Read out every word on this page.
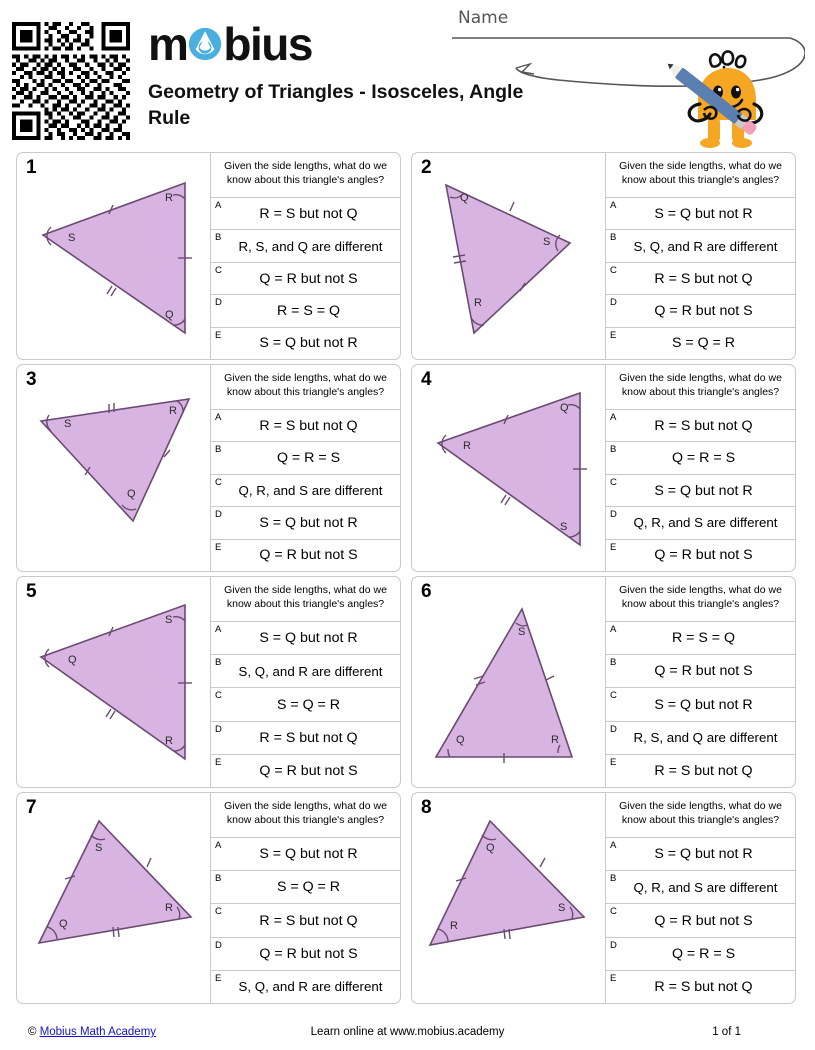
m bius
Geometry of Triangles - Isosceles, Angle Rule
Name
1
S
R
Q
Given the side lengths, what do we know about this triangle's angles?
A
R = S but not Q
B
R, S, and Q are different
C
Q = R but not S
D
R = S = Q
E
S = Q but not R
2
Q
S
R
Given the side lengths, what do we know about this triangle's angles?
A
S = Q but not R
B
S, Q, and R are different
C
R = S but not Q
D
Q = R but not S
E
S = Q = R
3
S
R
Q
Given the side lengths, what do we know about this triangle's angles?
A
R = S but not Q
B
Q = R = S
C
Q, R, and S are different
D
S = Q but not R
E
Q = R but not S
4
R
Q
S
Given the side lengths, what do we know about this triangle's angles?
A
R = S but not Q
B
Q = R = S
C
S = Q but not R
D
Q, R, and S are different
E
Q = R but not S
5
Q
S
R
Given the side lengths, what do we know about this triangle's angles?
A
S = Q but not R
B
S, Q, and R are different
C
S = Q = R
D
R = S but not Q
E
Q = R but not S
6
S
Q	R
Given the side lengths, what do we know about this triangle's angles?
A
R = S = Q
B
Q = R but not S
C
S = Q but not R
D
R, S, and Q are different
E
R = S but not Q
7
S
Q
R
Given the side lengths, what do we know about this triangle's angles?
A
S = Q but not R
B
S = Q = R
C
R = S but not Q
D
Q = R but not S
E
S, Q, and R are different
8
Q
R
S
Given the side lengths, what do we know about this triangle's angles?
A
S = Q but not R
B
Q, R, and S are different
C
Q = R but not S
D
Q = R = S
E
R = S but not Q
© Mobius Math Academy	Learn online at www.mobius.academy	1 of 1
